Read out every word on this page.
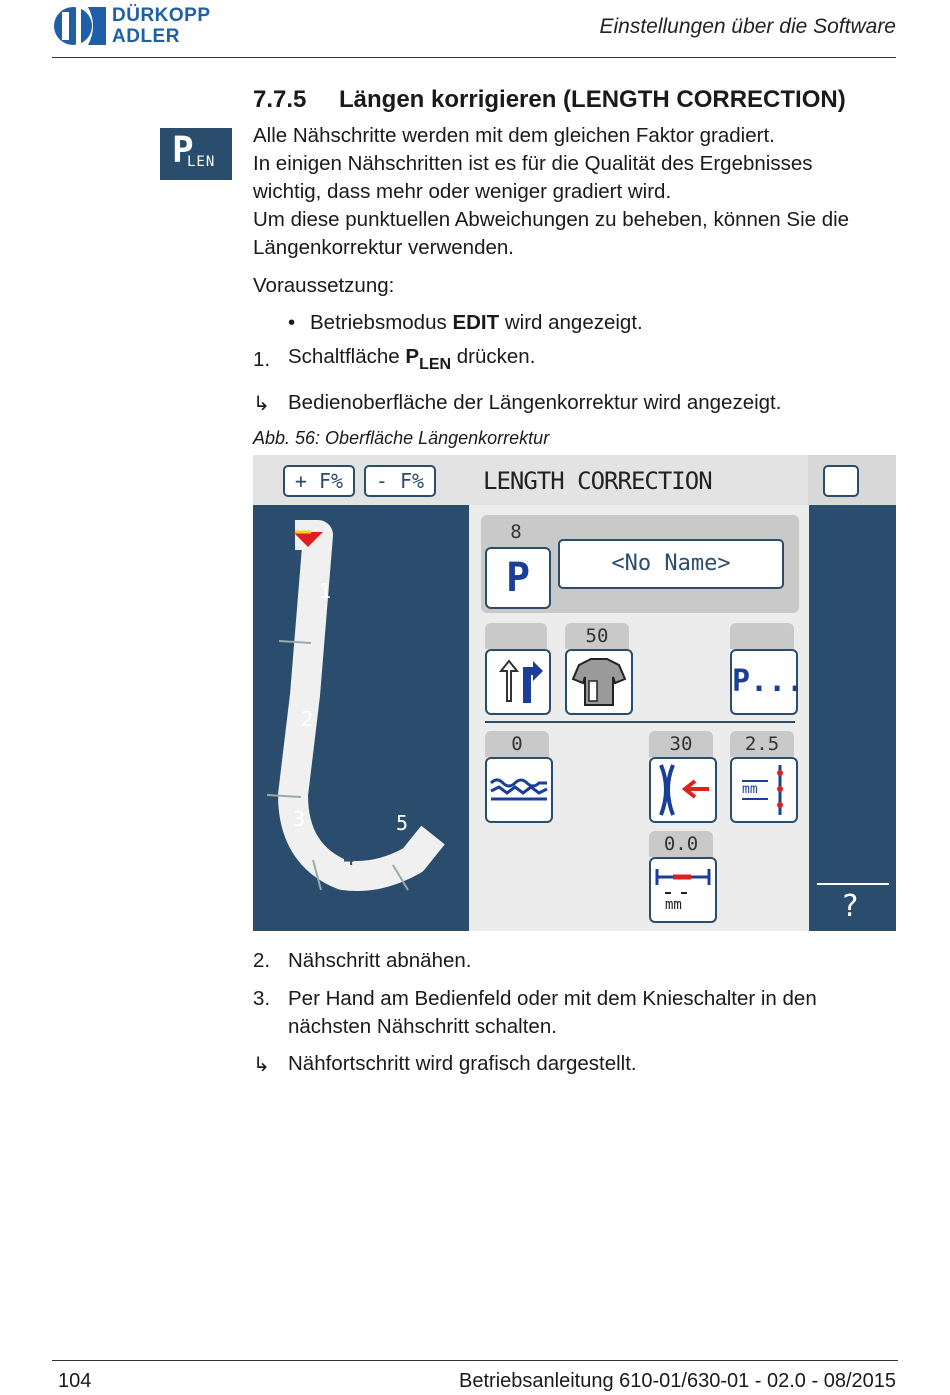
DÜRKOPP
ADLER	Einstellungen über die Software
7.7.5 Längen korrigieren (LENGTH CORRECTION)
P
LEN
Alle Nähschritte werden mit dem gleichen Faktor gradiert.
In einigen Nähschritten ist es für die Qualität des Ergebnisses
wichtig, dass mehr oder weniger gradiert wird.
Um diese punktuellen Abweichungen zu beheben, können Sie die
Längenkorrektur verwenden.
Voraussetzung:
• Betriebsmodus EDIT wird angezeigt.
1. Schaltfläche $P_{LEN}$ drücken.
↳ Bedienoberfläche der Längenkorrektur wird angezeigt.
Abb. 56: Oberfläche Längenkorrektur
+ F%	- F%	LENGTH CORRECTION
1
2
3
4
5
?
8
P	<No Name>
50
P...
0	30	2.5
mm
0.0
mm
2. Nähschritt abnähen.
3. Per Hand am Bedienfeld oder mit dem Knieschalter in den nächsten Nähschritt schalten.
↳ Nähfortschritt wird grafisch dargestellt.
104	Betriebsanleitung 610-01/630-01 - 02.0 - 08/2015
